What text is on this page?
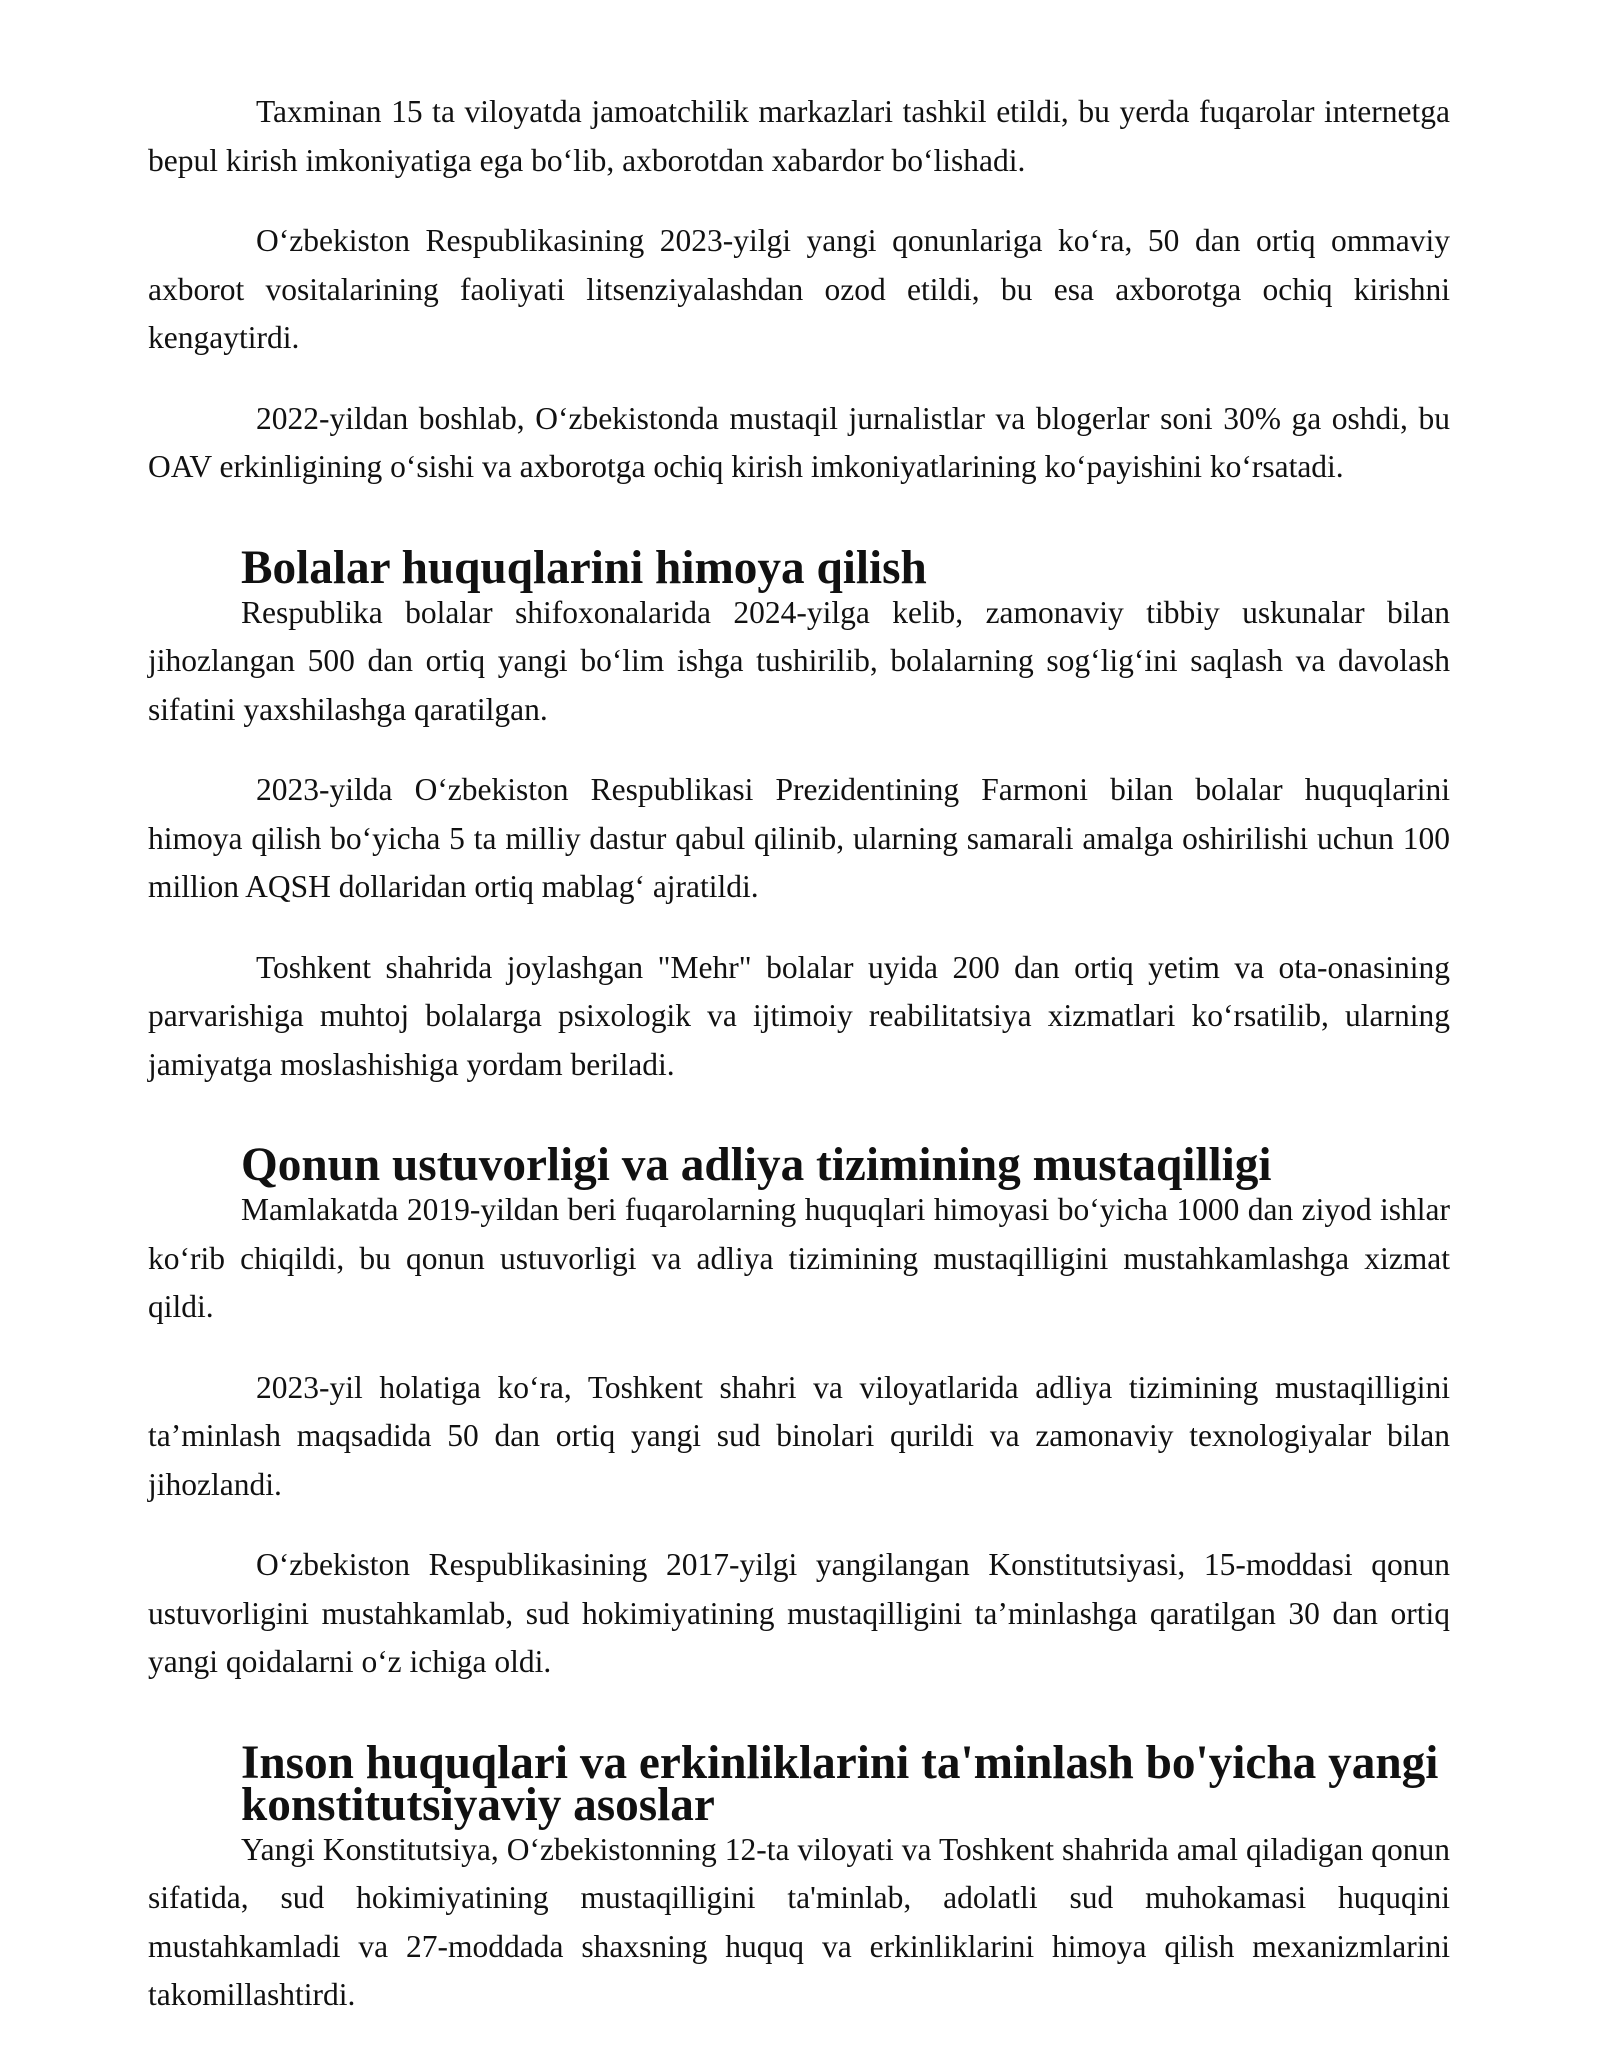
Taxminan 15 ta viloyatda jamoatchilik markazlari tashkil etildi, bu yerda fuqarolar internetga bepul kirish imkoniyatiga ega bo‘lib, axborotdan xabardor bo‘lishadi.

O‘zbekiston Respublikasining 2023-yilgi yangi qonunlariga ko‘ra, 50 dan ortiq ommaviy axborot vositalarining faoliyati litsenziyalashdan ozod etildi, bu esa axborotga ochiq kirishni kengaytirdi.

2022-yildan boshlab, O‘zbekistonda mustaqil jurnalistlar va blogerlar soni 30% ga oshdi, bu OAV erkinligining o‘sishi va axborotga ochiq kirish imkoniyatlarining ko‘payishini ko‘rsatadi.

Bolalar huquqlarini himoya qilish

Respublika bolalar shifoxonalarida 2024-yilga kelib, zamonaviy tibbiy uskunalar bilan jihozlangan 500 dan ortiq yangi bo‘lim ishga tushirilib, bolalarning sog‘lig‘ini saqlash va davolash sifatini yaxshilashga qaratilgan.

2023-yilda O‘zbekiston Respublikasi Prezidentining Farmoni bilan bolalar huquqlarini himoya qilish bo‘yicha 5 ta milliy dastur qabul qilinib, ularning samarali amalga oshirilishi uchun 100 million AQSH dollaridan ortiq mablag‘ ajratildi.

Toshkent shahrida joylashgan "Mehr" bolalar uyida 200 dan ortiq yetim va ota-onasining parvarishiga muhtoj bolalarga psixologik va ijtimoiy reabilitatsiya xizmatlari ko‘rsatilib, ularning jamiyatga moslashishiga yordam beriladi.

Qonun ustuvorligi va adliya tizimining mustaqilligi

Mamlakatda 2019-yildan beri fuqarolarning huquqlari himoyasi bo‘yicha 1000 dan ziyod ishlar ko‘rib chiqildi, bu qonun ustuvorligi va adliya tizimining mustaqilligini mustahkamlashga xizmat qildi.

2023-yil holatiga ko‘ra, Toshkent shahri va viloyatlarida adliya tizimining mustaqilligini ta’minlash maqsadida 50 dan ortiq yangi sud binolari qurildi va zamonaviy texnologiyalar bilan jihozlandi.

O‘zbekiston Respublikasining 2017-yilgi yangilangan Konstitutsiyasi, 15-moddasi qonun ustuvorligini mustahkamlab, sud hokimiyatining mustaqilligini ta’minlashga qaratilgan 30 dan ortiq yangi qoidalarni o‘z ichiga oldi.

Inson huquqlari va erkinliklarini ta'minlash bo'yicha yangi konstitutsiyaviy asoslar

Yangi Konstitutsiya, O‘zbekistonning 12-ta viloyati va Toshkent shahrida amal qiladigan qonun sifatida, sud hokimiyatining mustaqilligini ta'minlab, adolatli sud muhokamasi huquqini mustahkamladi va 27-moddada shaxsning huquq va erkinliklarini himoya qilish mexanizmlarini takomillashtirdi.
